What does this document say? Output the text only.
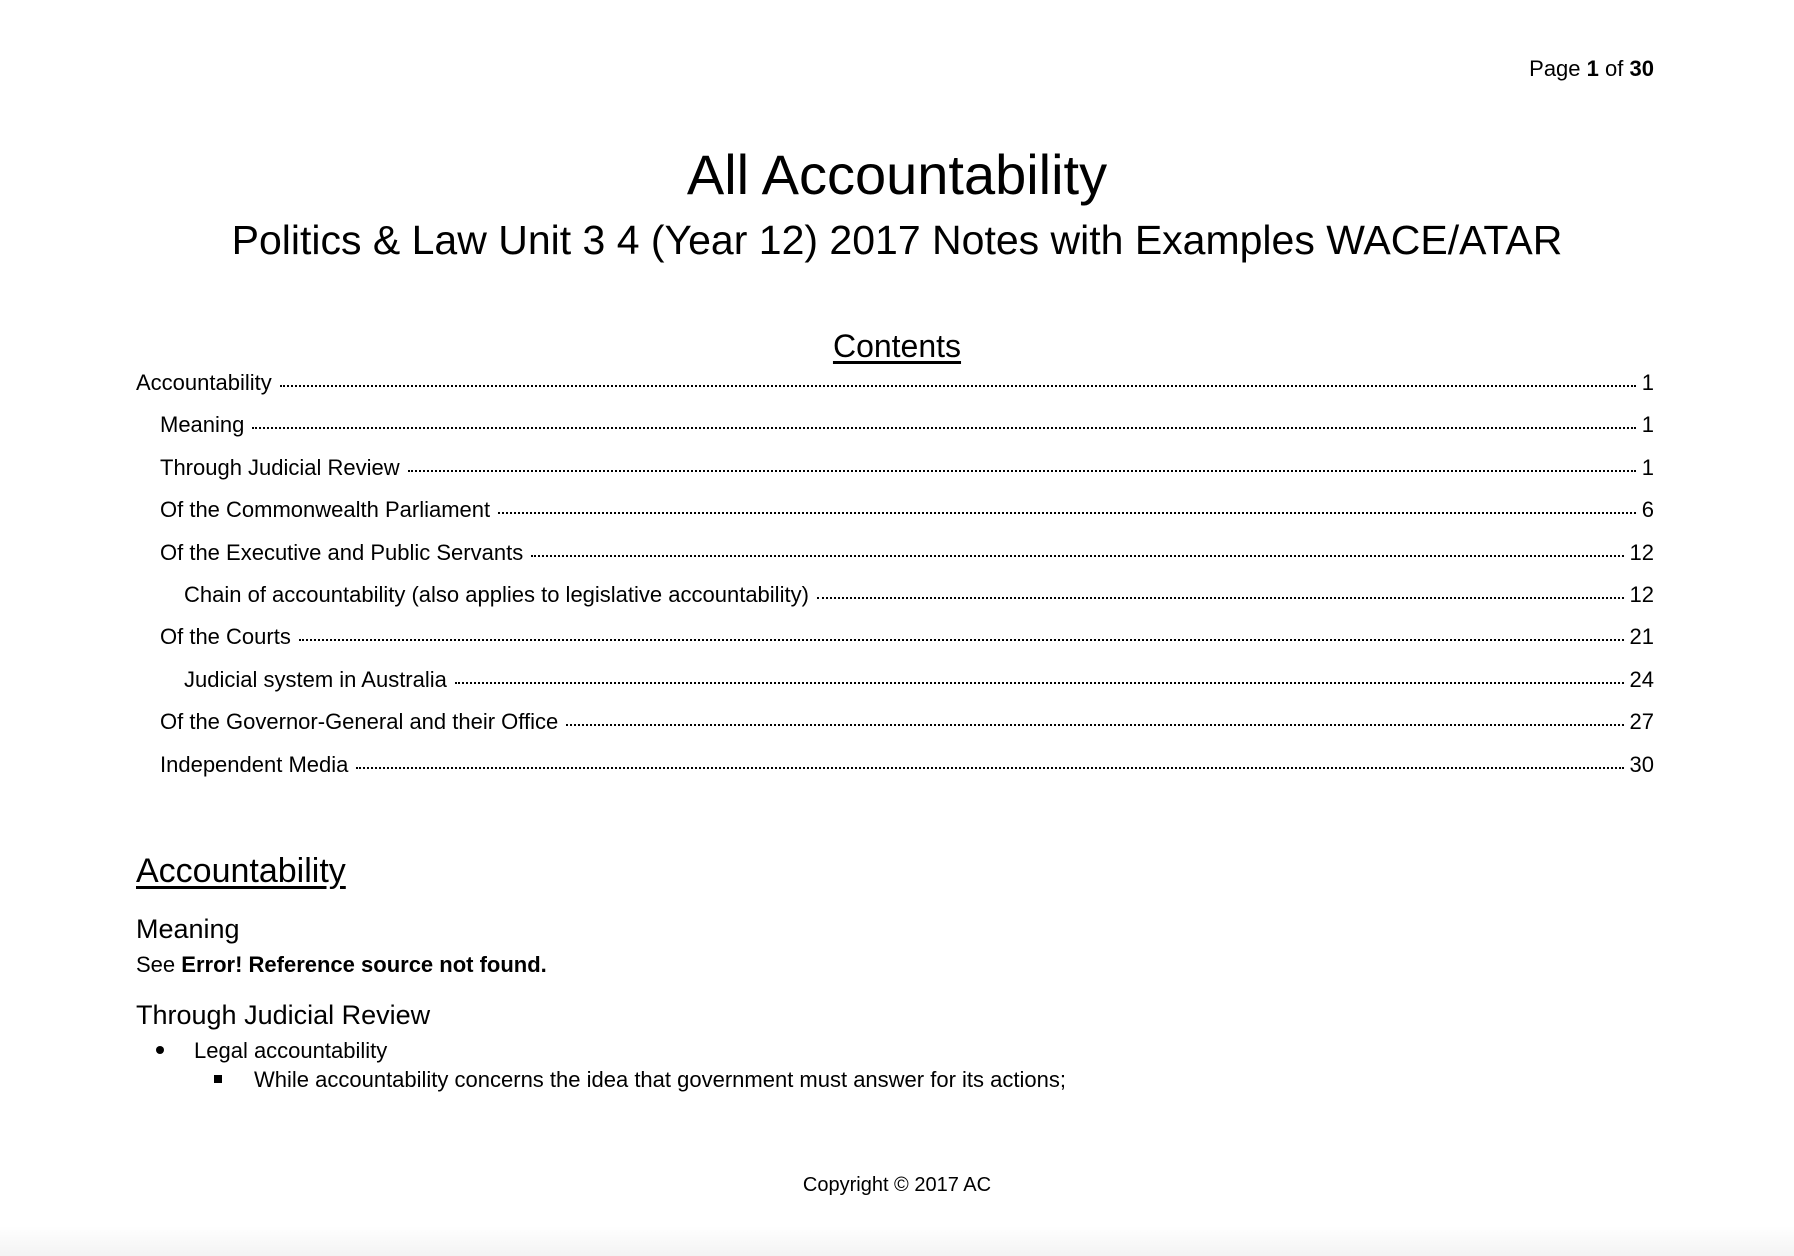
Page 1 of 30
All Accountability
Politics & Law Unit 3 4 (Year 12) 2017 Notes with Examples WACE/ATAR
Contents
Accountability	1
Meaning	1
Through Judicial Review	1
Of the Commonwealth Parliament	6
Of the Executive and Public Servants	12
Chain of accountability (also applies to legislative accountability)	12
Of the Courts	21
Judicial system in Australia	24
Of the Governor-General and their Office	27
Independent Media	30
Accountability
Meaning
See Error! Reference source not found.
Through Judicial Review
Legal accountability
While accountability concerns the idea that government must answer for its actions;
Copyright © 2017 AC
